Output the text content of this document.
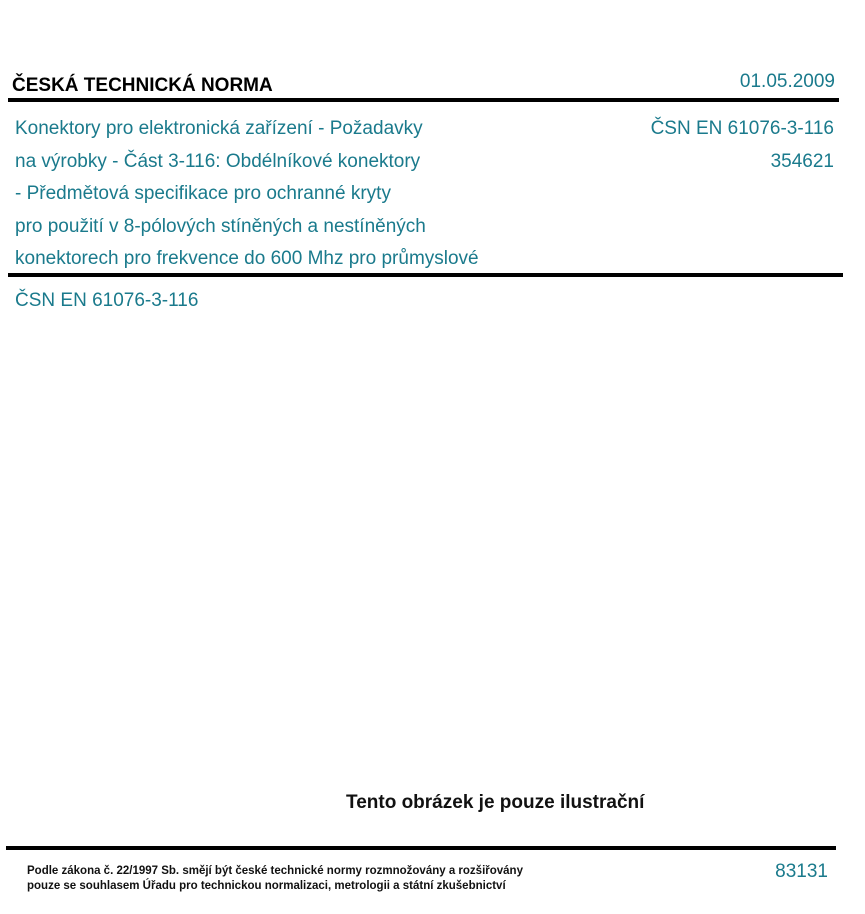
ČESKÁ TECHNICKÁ NORMA	01.05.2009
Konektory pro elektronická zařízení - Požadavky
na výrobky - Část 3-116: Obdélníkové konektory
- Předmětová specifikace pro ochranné kryty
pro použití v 8-pólových stíněných a nestíněných
konektorech pro frekvence do 600 Mhz pro průmyslové
ČSN EN 61076-3-116
354621
ČSN EN 61076-3-116
Tento obrázek je pouze ilustrační
Podle zákona č. 22/1997 Sb. smějí být české technické normy rozmnožovány a rozšiřovány
pouze se souhlasem Úřadu pro technickou normalizaci, metrologii a státní zkušebnictví
83131
